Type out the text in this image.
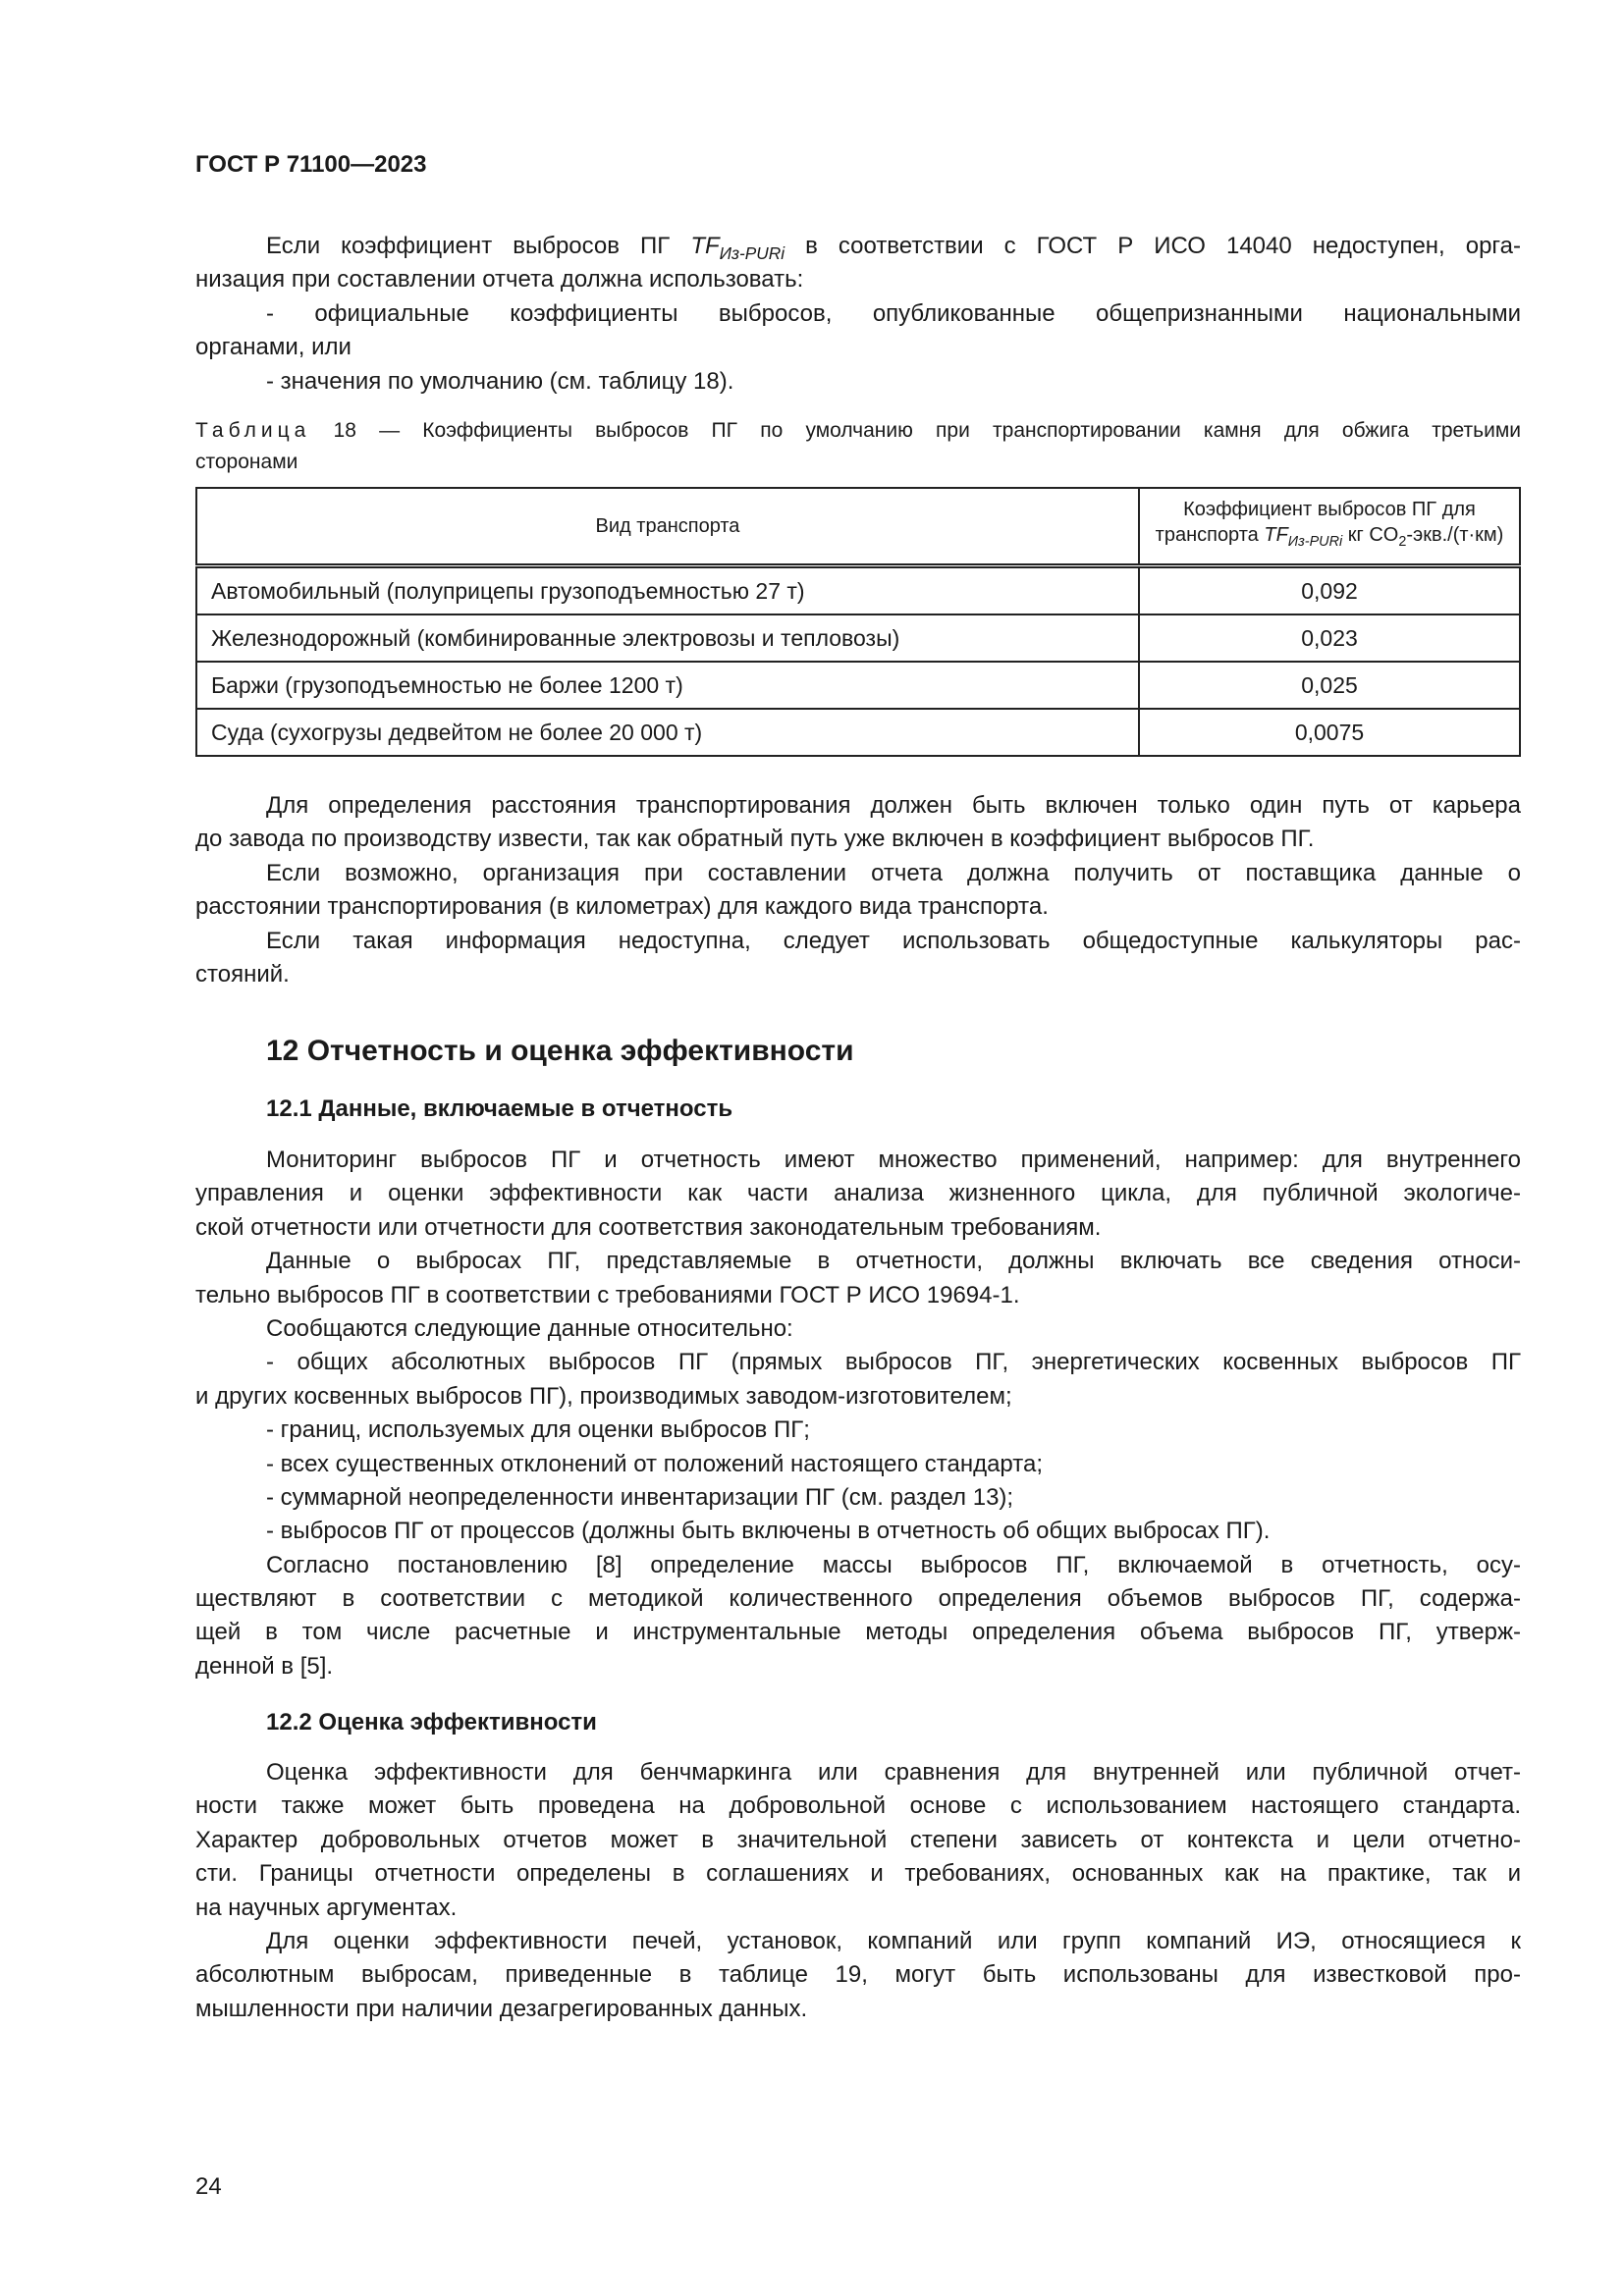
ГОСТ Р 71100—2023
Если коэффициент выбросов ПГ $TF_{Из-PURi}$ в соответствии с ГОСТ Р ИСО 14040 недоступен, орга-
низация при составлении отчета должна использовать:
- официальные коэффициенты выбросов, опубликованные общепризнанными национальными
органами, или
- значения по умолчанию (см. таблицу 18).
Таблица 18 — Коэффициенты выбросов ПГ по умолчанию при транспортировании камня для обжига третьими
сторонами
Вид транспорта	Коэффициент выбросов ПГ для
транспорта $TF_{Из-PURi}$ кг $CO_2-экв./(т\cdot км)$
Автомобильный (полуприцепы грузоподъемностью 27 т)	0,092
Железнодорожный (комбинированные электровозы и тепловозы)	0,023
Баржи (грузоподъемностью не более 1200 т)	0,025
Суда (сухогрузы дедвейтом не более 20 000 т)	0,0075
Для определения расстояния транспортирования должен быть включен только один путь от карьера
до завода по производству извести, так как обратный путь уже включен в коэффициент выбросов ПГ.
Если возможно, организация при составлении отчета должна получить от поставщика данные о
расстоянии транспортирования (в километрах) для каждого вида транспорта.
Если такая информация недоступна, следует использовать общедоступные калькуляторы рас-
стояний.
12 Отчетность и оценка эффективности
12.1 Данные, включаемые в отчетность
Мониторинг выбросов ПГ и отчетность имеют множество применений, например: для внутреннего
управления и оценки эффективности как части анализа жизненного цикла, для публичной экологиче-
ской отчетности или отчетности для соответствия законодательным требованиям.
Данные о выбросах ПГ, представляемые в отчетности, должны включать все сведения относи-
тельно выбросов ПГ в соответствии с требованиями ГОСТ Р ИСО 19694-1.
Сообщаются следующие данные относительно:
- общих абсолютных выбросов ПГ (прямых выбросов ПГ, энергетических косвенных выбросов ПГ
и других косвенных выбросов ПГ), производимых заводом-изготовителем;
- границ, используемых для оценки выбросов ПГ;
- всех существенных отклонений от положений настоящего стандарта;
- суммарной неопределенности инвентаризации ПГ (см. раздел 13);
- выбросов ПГ от процессов (должны быть включены в отчетность об общих выбросах ПГ).
Согласно постановлению [8] определение массы выбросов ПГ, включаемой в отчетность, осу-
ществляют в соответствии с методикой количественного определения объемов выбросов ПГ, содержа-
щей в том числе расчетные и инструментальные методы определения объема выбросов ПГ, утверж-
денной в [5].
12.2 Оценка эффективности
Оценка эффективности для бенчмаркинга или сравнения для внутренней или публичной отчет-
ности также может быть проведена на добровольной основе с использованием настоящего стандарта.
Характер добровольных отчетов может в значительной степени зависеть от контекста и цели отчетно-
сти. Границы отчетности определены в соглашениях и требованиях, основанных как на практике, так и
на научных аргументах.
Для оценки эффективности печей, установок, компаний или групп компаний ИЭ, относящиеся к
абсолютным выбросам, приведенные в таблице 19, могут быть использованы для известковой про-
мышленности при наличии дезагрегированных данных.
24
